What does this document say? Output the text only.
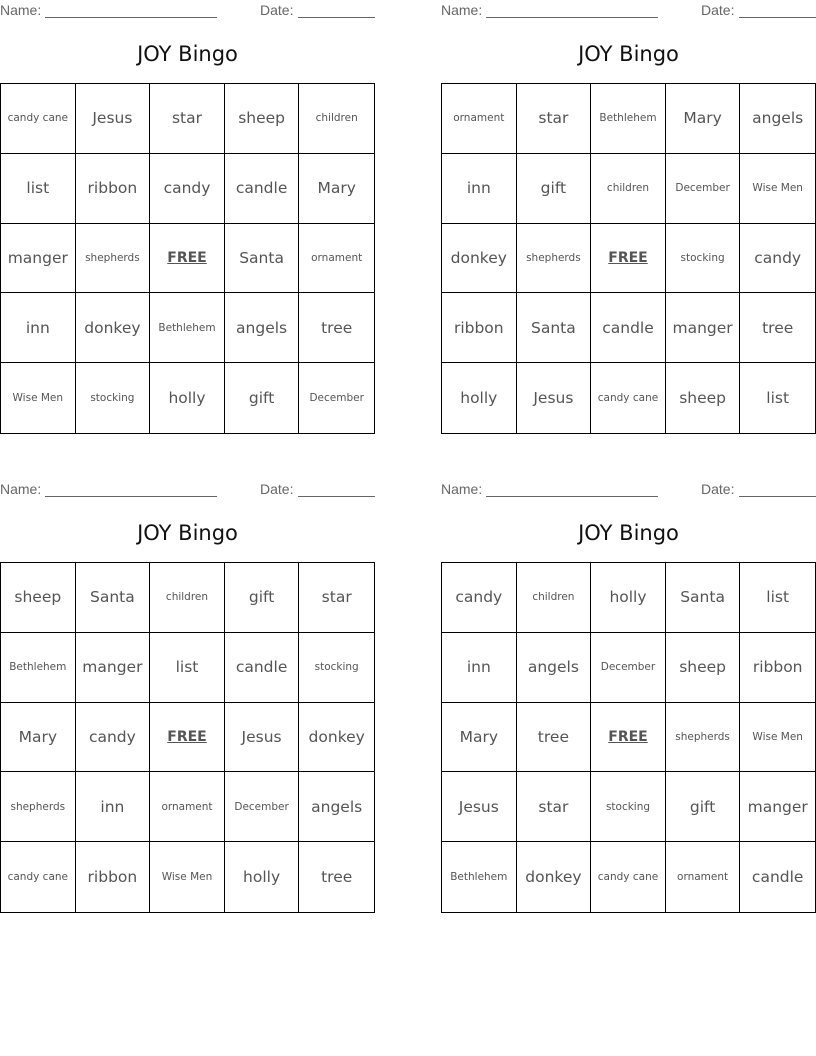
Name:	Date:
JOY Bingo
candy cane	Jesus	star	sheep	children
list	ribbon	candy	candle	Mary
manger	shepherds	FREE	Santa	ornament
inn	donkey	Bethlehem	angels	tree
Wise Men	stocking	holly	gift	December
Name:	Date:
JOY Bingo
ornament	star	Bethlehem	Mary	angels
inn	gift	children	December	Wise Men
donkey	shepherds	FREE	stocking	candy
ribbon	Santa	candle	manger	tree
holly	Jesus	candy cane	sheep	list
Name:	Date:
JOY Bingo
sheep	Santa	children	gift	star
Bethlehem	manger	list	candle	stocking
Mary	candy	FREE	Jesus	donkey
shepherds	inn	ornament	December	angels
candy cane	ribbon	Wise Men	holly	tree
Name:	Date:
JOY Bingo
candy	children	holly	Santa	list
inn	angels	December	sheep	ribbon
Mary	tree	FREE	shepherds	Wise Men
Jesus	star	stocking	gift	manger
Bethlehem	donkey	candy cane	ornament	candle
